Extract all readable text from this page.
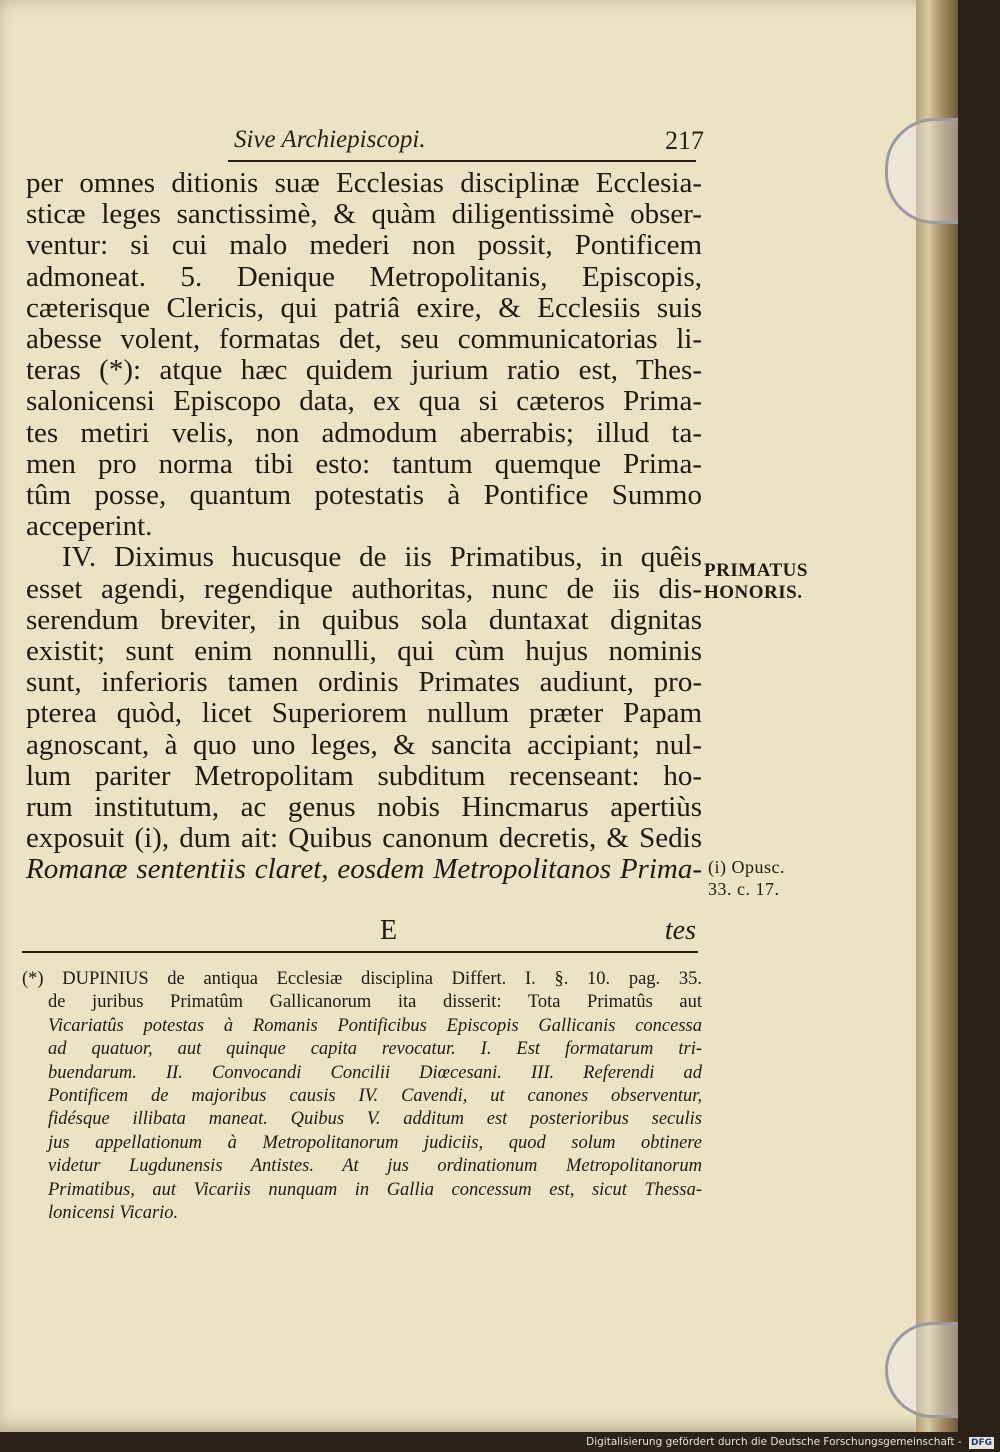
Sive Archiepiscopi.	217
per omnes ditionis suæ Ecclesias disciplinæ Ecclesia-
sticæ leges sanctissimè, & quàm diligentissimè obser-
ventur: si cui malo mederi non possit, Pontificem
admoneat. 5. Denique Metropolitanis, Episcopis,
cæterisque Clericis, qui patriâ exire, & Ecclesiis suis
abesse volent, formatas det, seu communicatorias li-
teras (*): atque hæc quidem jurium ratio est, Thes-
salonicensi Episcopo data, ex qua si cæteros Prima-
tes metiri velis, non admodum aberrabis; illud ta-
men pro norma tibi esto: tantum quemque Prima-
tûm posse, quantum potestatis à Pontifice Summo
acceperint.
IV. Diximus hucusque de iis Primatibus, in quêis
esset agendi, regendique authoritas, nunc de iis dis-
serendum breviter, in quibus sola duntaxat dignitas
existit; sunt enim nonnulli, qui cùm hujus nominis
sunt, inferioris tamen ordinis Primates audiunt, pro-
pterea quòd, licet Superiorem nullum præter Papam
agnoscant, à quo uno leges, & sancita accipiant; nul-
lum pariter Metropolitam subditum recenseant: ho-
rum institutum, ac genus nobis Hincmarus apertiùs
exposuit (i), dum ait: Quibus canonum decretis, & Sedis
Romanæ sententiis claret, eosdem Metropolitanos Prima-
PRIMATUS
HONORIS.
(i) Opusc.
33. c. 17.
E	tes
(*) DUPINIUS de antiqua Ecclesiæ disciplina Differt. I. §. 10. pag. 35.
de juribus Primatûm Gallicanorum ita disserit: Tota Primatûs aut
Vicariatûs potestas à Romanis Pontificibus Episcopis Gallicanis concessa
ad quatuor, aut quinque capita revocatur. I. Est formatarum tri-
buendarum. II. Convocandi Concilii Diœcesani. III. Referendi ad
Pontificem de majoribus causis IV. Cavendi, ut canones observentur,
fidésque illibata maneat. Quibus V. additum est posterioribus seculis
jus appellationum à Metropolitanorum judiciis, quod solum obtinere
videtur Lugdunensis Antistes. At jus ordinationum Metropolitanorum
Primatibus, aut Vicariis nunquam in Gallia concessum est, sicut Thessa-
lonicensi Vicario.
Digitalisierung gefördert durch die Deutsche Forschungsgemeinschaft - DFG
